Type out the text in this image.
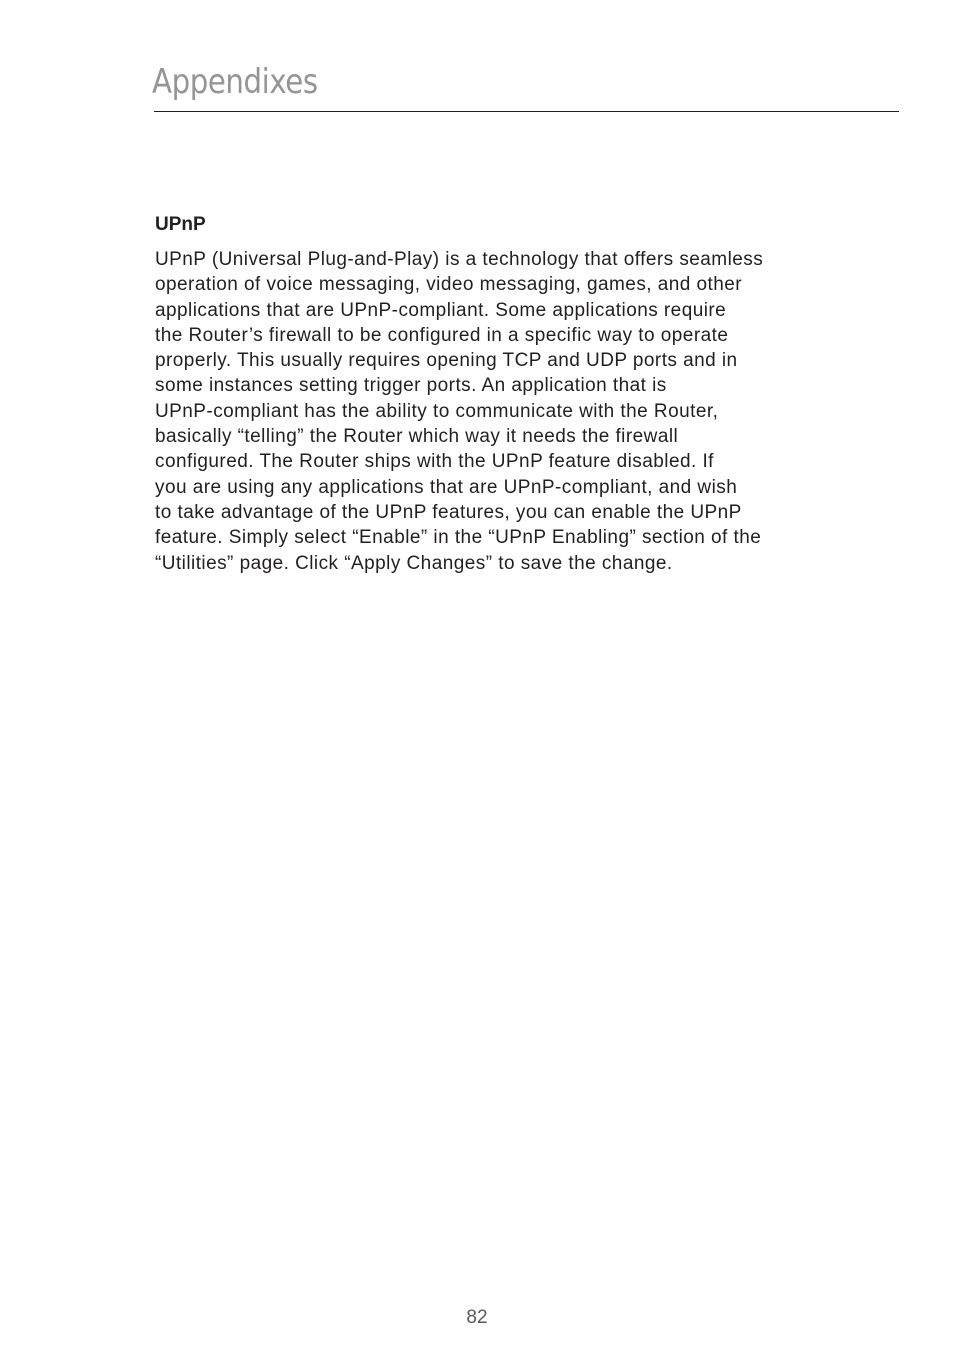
Appendixes
UPnP

UPnP (Universal Plug-and-Play) is a technology that offers seamless
operation of voice messaging, video messaging, games, and other
applications that are UPnP-compliant. Some applications require
the Router’s firewall to be configured in a specific way to operate
properly. This usually requires opening TCP and UDP ports and in
some instances setting trigger ports. An application that is
UPnP-compliant has the ability to communicate with the Router,
basically “telling” the Router which way it needs the firewall
configured. The Router ships with the UPnP feature disabled. If
you are using any applications that are UPnP-compliant, and wish
to take advantage of the UPnP features, you can enable the UPnP
feature. Simply select “Enable” in the “UPnP Enabling” section of the
“Utilities” page. Click “Apply Changes” to save the change.

82
